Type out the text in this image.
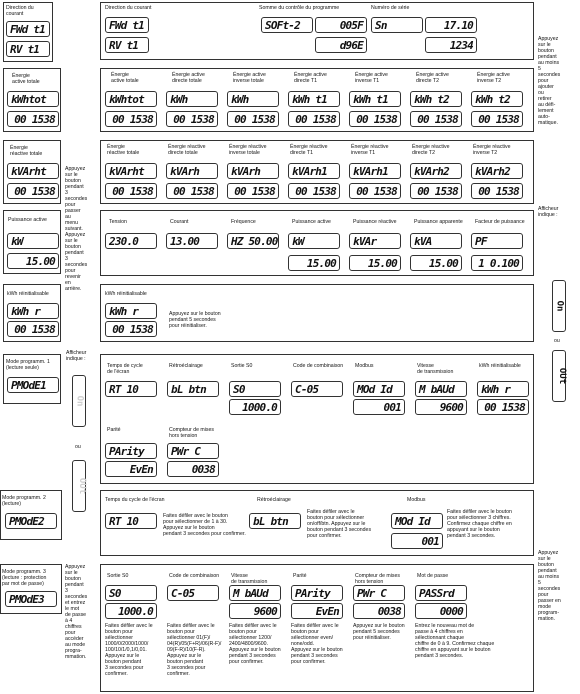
Direction du courant
FWd t1
RV t1
Énergie
active totale
kWhtot
00 1538
Énergie
réactive totale
kVArht
00 1538
Puissance active
kW
15.00
kWh réinitialisable
kWh r
00 1538
Mode programm. 1
(lecture seule)
PMOdE1
Mode programm. 2
(lecture)
PMOdE2
Mode programm. 3
(lecture : protection
par mot de passe)
PMOdE3
Appuyez
sur le
bouton
pendant
3
secondes
pour
passer
au
menu
suivant.
Appuyez
sur le
bouton
pendant
3
secondes
pour
revenir
en
arrière.
Afficheur
indique :
On
ou
OUt
Appuyez
sur le
bouton
pendant
3
secondes
et entrez
le mot
de passe
à 4
chiffres
pour
accéder
au mode
progra-
mmation.
Direction du courant
FWd t1
RV t1
Somme du contrôle du programme
SOFt-2	005F
d96E
Numéro de série
Sn	17.10
1234
Énergie
active totale
kWhtot
00 1538
Énergie active
directe totale
kWh
00 1538
Énergie active
inverse totale
kWh
00 1538
Énergie active
directe T1
kWh t1
00 1538
Énergie active
inverse T1
kWh t1
00 1538
Énergie active
directe T2
kWh t2
00 1538
Énergie active
inverse T2
kWh t2
00 1538
Énergie
réactive totale
kVArht
00 1538
Énergie réactive
directe totale
kVArh
00 1538
Énergie réactive
inverse totale
kVArh
00 1538
Énergie réactive
directe T1
kVArh1
00 1538
Énergie réactive
inverse T1
kVArh1
00 1538
Énergie réactive
directe T2
kVArh2
00 1538
Énergie réactive
inverse T2
kVArh2
00 1538
Tension
230.0
Courant
13.00
Fréquence
HZ 50.00
Puissance active
kW
15.00
Puissance réactive
kVAr
15.00
Puissance apparente
kVA
15.00
Facteur de puissance
PF
1 0.100
kWh réinitialisable
kWh r
00 1538
Appuyez sur le bouton
pendant 5 secondes
pour réinitialiser.
Temps de cycle
de l'écran
RT 10
Rétroéclairage
bL btn
Sortie S0
S0
1000.0
Code de combinaison
C-05
Modbus
MOd Id
001
Vitesse
de transmission
M bAUd
9600
kWh réinitialisable
kWh r
00 1538
Parité
PArity
EvEn
Compteur de mises
hors tension
PWr C
0038
Temps du cycle de l'écran
RT 10	Faites défiler avec le bouton
pour sélectionner de 1 à 30.
Appuyez sur le bouton
pendant 3 secondes pour confirmer.
Rétroéclairage
bL btn
Faites défiler avec le
bouton pour sélectionner
on/off/btn. Appuyez sur le
bouton pendant 3 secondes
pour confirmer.
Modbus
MOd Id
001
Faites défiler avec le bouton
pour sélectionner 3 chiffres.
Confirmez chaque chiffre en
appuyant sur le bouton
pendant 3 secondes.
Sortie S0
S0
1000.0
Faites défiler avec le
bouton pour
sélectionner
1000/0/2000/1000/
100/10/1/0,1/0,01.
Appuyez sur le
bouton pendant
3 secondes pour
confirmer.
Code de combinaison
C-05
Faites défiler avec le
bouton pour
sélectionner 01(F)/
04(R)/05(F+R)/06(R-F)/
09(F-R)/10(F-R).
Appuyez sur le
bouton pendant
3 secondes pour
confirmer.
Vitesse
de transmission
M bAUd
9600
Faites défiler avec le
bouton pour
sélectionner 1200/
2400/4800/9600.
Appuyez sur le bouton
pendant 3 secondes
pour confirmer.
Parité
PArity
EvEn
Faites défiler avec le
bouton pour
sélectionner even/
none/odd.
Appuyez sur le bouton
pendant 3 secondes
pour confirmer.
Compteur de mises
hors tension
PWr C
0038
Appuyez sur le bouton
pendant 5 secondes
pour réinitialiser.
Mot de passe
PASSrd
0000
Entrez le nouveau mot de
passe à 4 chiffres en
sélectionnant chaque
chiffre de 0 à 9. Confirmez chaque
chiffre en appuyant sur le bouton
pendant 3 secondes.
Appuyez
sur le
bouton
pendant
au moins
5
secondes
pour
ajouter
ou
retirer
au défi-
lement
auto-
matique.
Afficheur
indique :
On
ou
OUt
Appuyez
sur le
bouton
pendant
au moins
5
secondes
pour
passer en
mode
program-
mation.
